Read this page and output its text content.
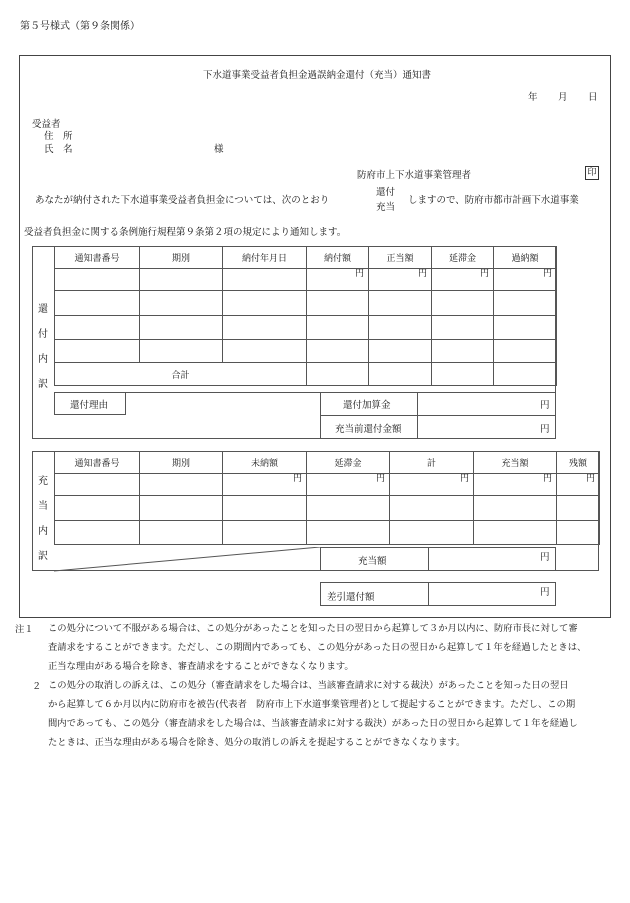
第５号様式（第９条関係）
下水道事業受益者負担金過誤納金還付（充当）通知書
年 月 日
受益者
住　所
氏　名	様
防府市上下水道事業管理者	印
あなたが納付された下水道事業受益者負担金については、次のとおり
還付
充当
しますので、防府市都市計画下水道事業
受益者負担金に関する条例施行規程第９条第２項の規定により通知します。
還
付
内
訳
通知書番号	期別	納付年月日	納付額	正当額	延滞金	過納額
			円	円	円	円

合計						
還付理由	還付加算金	円
充当前還付金額	円
充
当
内
訳
通知書番号	期別	未納額	延滞金	計	充当額	残額
		円	円	円	円	円

充当額	円
差引還付額	円
注１ この処分について不服がある場合は、この処分があったことを知った日の翌日から起算して３か月以内に、防府市長に対して審
査請求をすることができます。ただし、この期間内であっても、この処分があった日の翌日から起算して１年を経過したときは、
正当な理由がある場合を除き、審査請求をすることができなくなります。
２ この処分の取消しの訴えは、この処分（審査請求をした場合は、当該審査請求に対する裁決）があったことを知った日の翌日
から起算して６か月以内に防府市を被告(代表者　防府市上下水道事業管理者)として提起することができます。ただし、この期
間内であっても、この処分（審査請求をした場合は、当該審査請求に対する裁決）があった日の翌日から起算して１年を経過し
たときは、正当な理由がある場合を除き、処分の取消しの訴えを提起することができなくなります。
